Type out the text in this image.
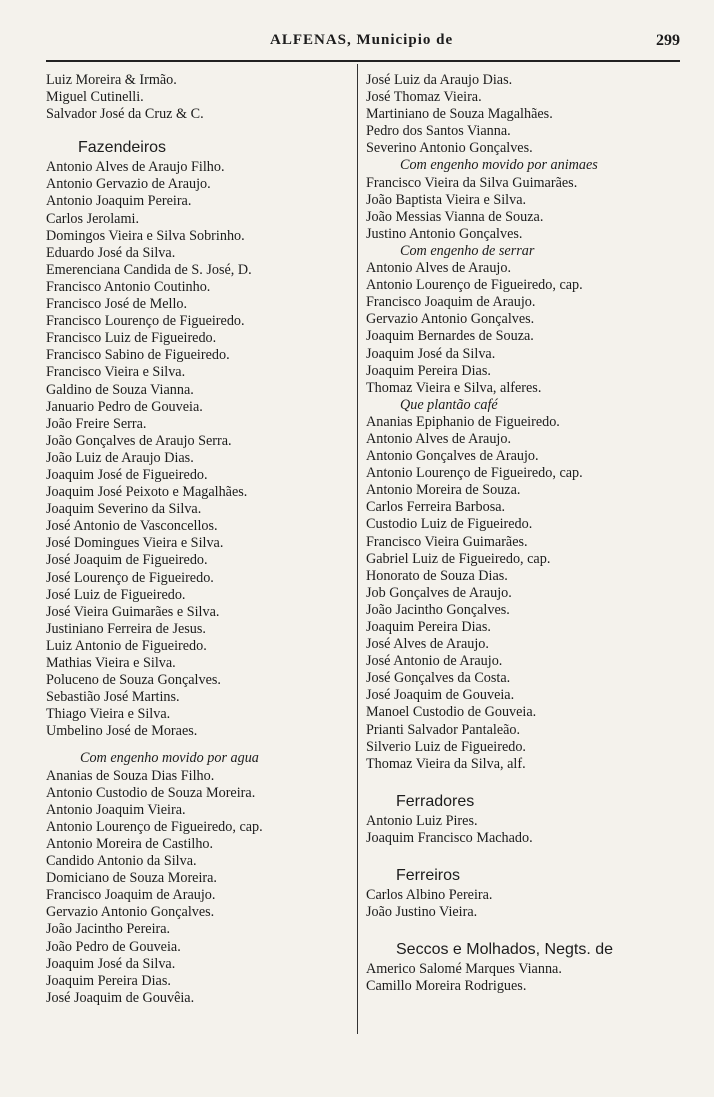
ALFENAS, Municipio de	299
Luiz Moreira & Irmão.
Miguel Cutinelli.
Salvador José da Cruz & C.
Fazendeiros
Antonio Alves de Araujo Filho.
Antonio Gervazio de Araujo.
Antonio Joaquim Pereira.
Carlos Jerolami.
Domingos Vieira e Silva Sobrinho.
Eduardo José da Silva.
Emerenciana Candida de S. José, D.
Francisco Antonio Coutinho.
Francisco José de Mello.
Francisco Lourenço de Figueiredo.
Francisco Luiz de Figueiredo.
Francisco Sabino de Figueiredo.
Francisco Vieira e Silva.
Galdino de Souza Vianna.
Januario Pedro de Gouveia.
João Freire Serra.
João Gonçalves de Araujo Serra.
João Luiz de Araujo Dias.
Joaquim José de Figueiredo.
Joaquim José Peixoto e Magalhães.
Joaquim Severino da Silva.
José Antonio de Vasconcellos.
José Domingues Vieira e Silva.
José Joaquim de Figueiredo.
José Lourenço de Figueiredo.
José Luiz de Figueiredo.
José Vieira Guimarães e Silva.
Justiniano Ferreira de Jesus.
Luiz Antonio de Figueiredo.
Mathias Vieira e Silva.
Poluceno de Souza Gonçalves.
Sebastião José Martins.
Thiago Vieira e Silva.
Umbelino José de Moraes.
Com engenho movido por agua
Ananias de Souza Dias Filho.
Antonio Custodio de Souza Moreira.
Antonio Joaquim Vieira.
Antonio Lourenço de Figueiredo, cap.
Antonio Moreira de Castilho.
Candido Antonio da Silva.
Domiciano de Souza Moreira.
Francisco Joaquim de Araujo.
Gervazio Antonio Gonçalves.
João Jacintho Pereira.
João Pedro de Gouveia.
Joaquim José da Silva.
Joaquim Pereira Dias.
José Joaquim de Gouvêia.
José Luiz da Araujo Dias.
José Thomaz Vieira.
Martiniano de Souza Magalhães.
Pedro dos Santos Vianna.
Severino Antonio Gonçalves.
Com engenho movido por animaes
Francisco Vieira da Silva Guimarães.
João Baptista Vieira e Silva.
João Messias Vianna de Souza.
Justino Antonio Gonçalves.
Com engenho de serrar
Antonio Alves de Araujo.
Antonio Lourenço de Figueiredo, cap.
Francisco Joaquim de Araujo.
Gervazio Antonio Gonçalves.
Joaquim Bernardes de Souza.
Joaquim José da Silva.
Joaquim Pereira Dias.
Thomaz Vieira e Silva, alferes.
Que plantão café
Ananias Epiphanio de Figueiredo.
Antonio Alves de Araujo.
Antonio Gonçalves de Araujo.
Antonio Lourenço de Figueiredo, cap.
Antonio Moreira de Souza.
Carlos Ferreira Barbosa.
Custodio Luiz de Figueiredo.
Francisco Vieira Guimarães.
Gabriel Luiz de Figueiredo, cap.
Honorato de Souza Dias.
Job Gonçalves de Araujo.
João Jacintho Gonçalves.
Joaquim Pereira Dias.
José Alves de Araujo.
José Antonio de Araujo.
José Gonçalves da Costa.
José Joaquim de Gouveia.
Manoel Custodio de Gouveia.
Prianti Salvador Pantaleão.
Silverio Luiz de Figueiredo.
Thomaz Vieira da Silva, alf.
Ferradores
Antonio Luiz Pires.
Joaquim Francisco Machado.
Ferreiros
Carlos Albino Pereira.
João Justino Vieira.
Seccos e Molhados, Negts. de
Americo Salomé Marques Vianna.
Camillo Moreira Rodrigues.
